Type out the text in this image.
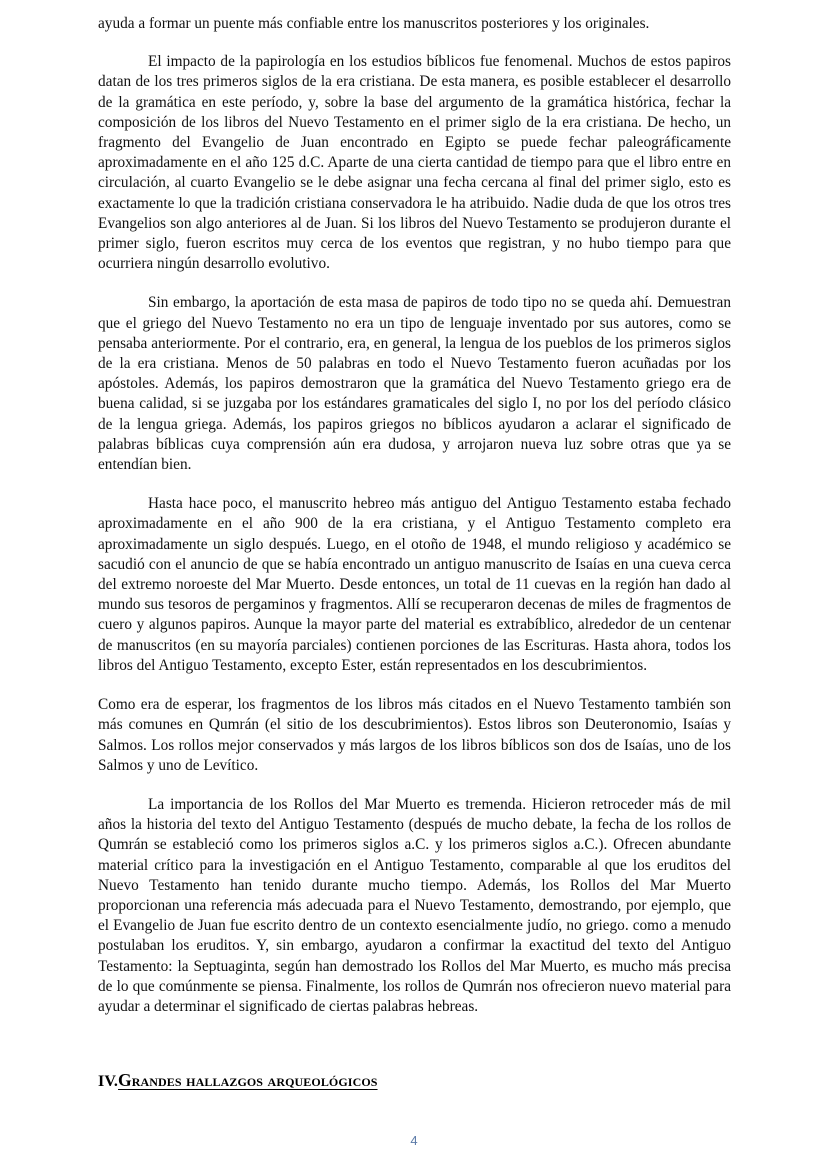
ayuda a formar un puente más confiable entre los manuscritos posteriores y los originales.

El impacto de la papirología en los estudios bíblicos fue fenomenal. Muchos de estos papiros datan de los tres primeros siglos de la era cristiana. De esta manera, es posible establecer el desarrollo de la gramática en este período, y, sobre la base del argumento de la gramática histórica, fechar la composición de los libros del Nuevo Testamento en el primer siglo de la era cristiana. De hecho, un fragmento del Evangelio de Juan encontrado en Egipto se puede fechar paleográficamente aproximadamente en el año 125 d.C. Aparte de una cierta cantidad de tiempo para que el libro entre en circulación, al cuarto Evangelio se le debe asignar una fecha cercana al final del primer siglo, esto es exactamente lo que la tradición cristiana conservadora le ha atribuido. Nadie duda de que los otros tres Evangelios son algo anteriores al de Juan. Si los libros del Nuevo Testamento se produjeron durante el primer siglo, fueron escritos muy cerca de los eventos que registran, y no hubo tiempo para que ocurriera ningún desarrollo evolutivo.

Sin embargo, la aportación de esta masa de papiros de todo tipo no se queda ahí. Demuestran que el griego del Nuevo Testamento no era un tipo de lenguaje inventado por sus autores, como se pensaba anteriormente. Por el contrario, era, en general, la lengua de los pueblos de los primeros siglos de la era cristiana. Menos de 50 palabras en todo el Nuevo Testamento fueron acuñadas por los apóstoles. Además, los papiros demostraron que la gramática del Nuevo Testamento griego era de buena calidad, si se juzgaba por los estándares gramaticales del siglo I, no por los del período clásico de la lengua griega. Además, los papiros griegos no bíblicos ayudaron a aclarar el significado de palabras bíblicas cuya comprensión aún era dudosa, y arrojaron nueva luz sobre otras que ya se entendían bien.

Hasta hace poco, el manuscrito hebreo más antiguo del Antiguo Testamento estaba fechado aproximadamente en el año 900 de la era cristiana, y el Antiguo Testamento completo era aproximadamente un siglo después. Luego, en el otoño de 1948, el mundo religioso y académico se sacudió con el anuncio de que se había encontrado un antiguo manuscrito de Isaías en una cueva cerca del extremo noroeste del Mar Muerto. Desde entonces, un total de 11 cuevas en la región han dado al mundo sus tesoros de pergaminos y fragmentos. Allí se recuperaron decenas de miles de fragmentos de cuero y algunos papiros. Aunque la mayor parte del material es extrabíblico, alrededor de un centenar de manuscritos (en su mayoría parciales) contienen porciones de las Escrituras. Hasta ahora, todos los libros del Antiguo Testamento, excepto Ester, están representados en los descubrimientos.

Como era de esperar, los fragmentos de los libros más citados en el Nuevo Testamento también son más comunes en Qumrán (el sitio de los descubrimientos). Estos libros son Deuteronomio, Isaías y Salmos. Los rollos mejor conservados y más largos de los libros bíblicos son dos de Isaías, uno de los Salmos y uno de Levítico.

La importancia de los Rollos del Mar Muerto es tremenda. Hicieron retroceder más de mil años la historia del texto del Antiguo Testamento (después de mucho debate, la fecha de los rollos de Qumrán se estableció como los primeros siglos a.C. y los primeros siglos a.C.). Ofrecen abundante material crítico para la investigación en el Antiguo Testamento, comparable al que los eruditos del Nuevo Testamento han tenido durante mucho tiempo. Además, los Rollos del Mar Muerto proporcionan una referencia más adecuada para el Nuevo Testamento, demostrando, por ejemplo, que el Evangelio de Juan fue escrito dentro de un contexto esencialmente judío, no griego. como a menudo postulaban los eruditos. Y, sin embargo, ayudaron a confirmar la exactitud del texto del Antiguo Testamento: la Septuaginta, según han demostrado los Rollos del Mar Muerto, es mucho más precisa de lo que comúnmente se piensa. Finalmente, los rollos de Qumrán nos ofrecieron nuevo material para ayudar a determinar el significado de ciertas palabras hebreas.

IV.Grandes hallazgos arqueológicos
4
